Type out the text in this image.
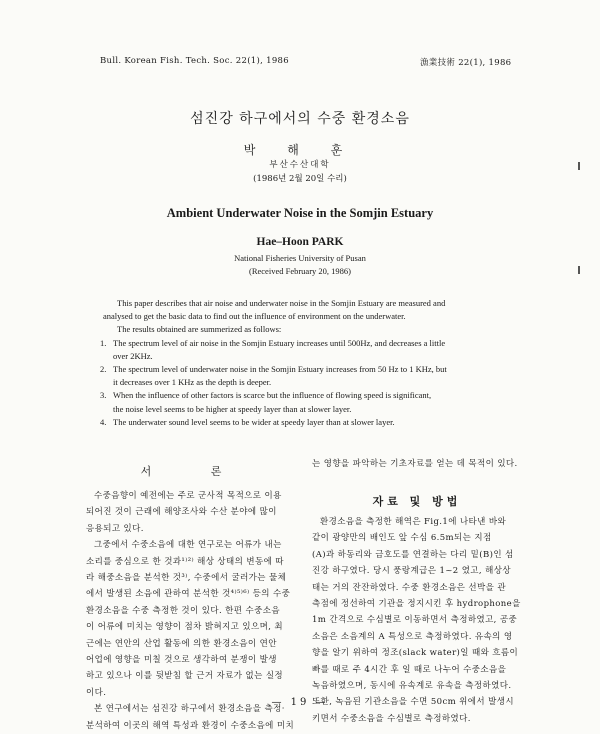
Bull. Korean Fish. Tech. Soc. 22(1), 1986	漁業技術 22(1), 1986
섬진강 하구에서의 수중 환경소음
박 해 훈
부산수산대학
(1986년 2월 20일 수리)
Ambient Underwater Noise in the Somjin Estuary
Hae–Hoon PARK
National Fisheries University of Pusan
(Received February 20, 1986)

This paper describes that air noise and underwater noise in the Somjin Estuary are measured and

analysed to get the basic data to find out the influence of environment on the underwater.

The results obtained are summerized as follows:

1. The spectrum level of air noise in the Somjin Estuary increases until 500Hz, and decreases a little
over 2KHz.
2. The spectrum level of underwater noise in the Somjin Estuary increases from 50 Hz to 1 KHz, but
it decreases over 1 KHz as the depth is deeper.
3. When the influence of other factors is scarce but the influence of flowing speed is significant,
the noise level seems to be higher at speedy layer than at slower layer.
4. The underwater sound level seems to be wider at speedy layer than at slower layer.
서 론

수중음향이 예전에는 주로 군사적 목적으로 이용

되어진 것이 근래에 해양조사와 수산 분야에 많이

응용되고 있다.

그중에서 수중소음에 대한 연구로는 어류가 내는

소리를 중심으로 한 것과¹⁾²⁾ 해상 상태의 변동에 따

라 해중소음을 분석한 것³⁾, 수중에서 굴러가는 물체

에서 발생된 소음에 관하여 분석한 것⁴⁾⁵⁾⁶⁾ 등의 수중

환경소음을 수중 측정한 것이 있다. 한편 수중소음

이 어류에 미치는 영향이 점차 밝혀지고 있으며, 최

근에는 연안의 산업 활동에 의한 환경소음이 연안

어업에 영향을 미칠 것으로 생각하여 분쟁이 발생

하고 있으나 이를 뒷받침 할 근거 자료가 없는 실정

이다.

본 연구에서는 섬진강 하구에서 환경소음을 측정·

분석하여 이곳의 해역 특성과 환경이 수중소음에 미치

는 영향을 파악하는 기초자료를 얻는 데 목적이 있다.

자료 및 방법

환경소음을 측정한 해역은 Fig.1에 나타낸 바와

같이 광양만의 배인도 앞 수심 6.5m되는 지점

(A)과 하동리와 금호도를 연결하는 다리 밑(B)인 섬

진강 하구였다. 당시 풍랑계급은 1~2 였고, 해상상

태는 거의 잔잔하였다. 수중 환경소음은 선박을 관

측점에 정선하여 기관을 정지시킨 후 hydrophone을

1m 간격으로 수심별로 이동하면서 측정하였고, 공중

소음은 소음계의 A 특성으로 측정하였다. 유속의 영

향을 알기 위하여 정조(slack water)일 때와 흐름이

빠를 때로 주 4시간 후 일 때로 나누어 수중소음을

녹음하였으며, 동시에 유속계로 유속을 측정하였다.

또한, 녹음된 기관소음을 수면 50cm 위에서 발생시

키면서 수중소음을 수심별로 측정하였다.

— 19 —
